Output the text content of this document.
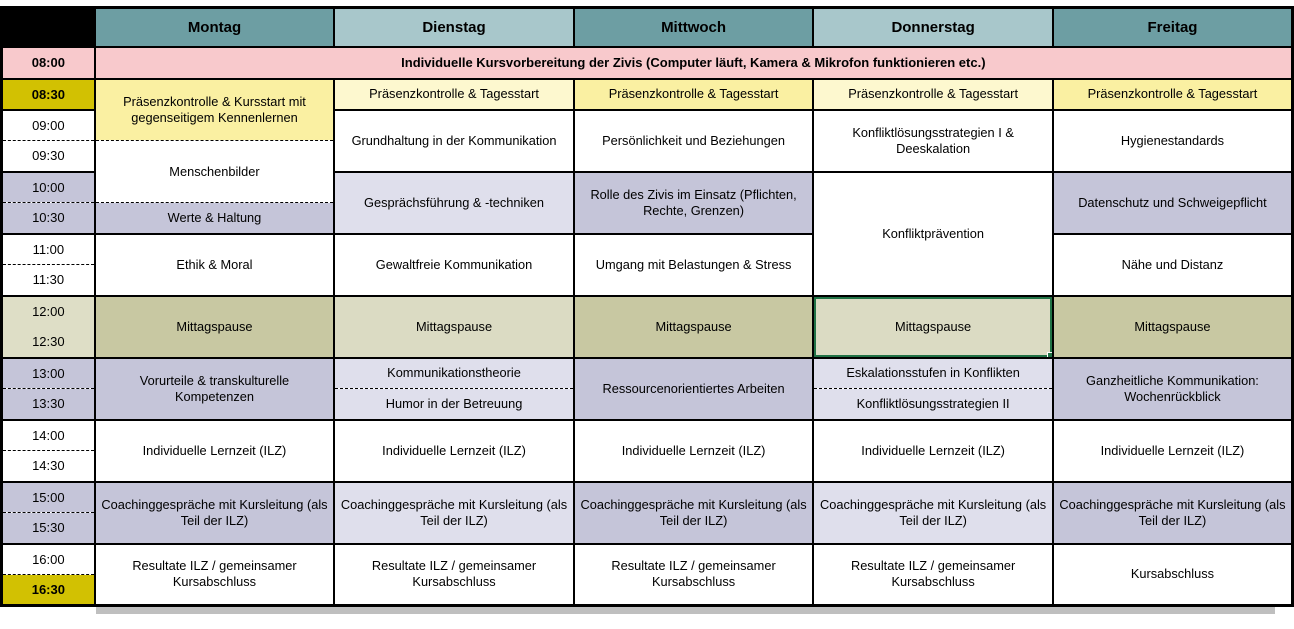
	Montag	Dienstag	Mittwoch	Donnerstag	Freitag
08:00	Individuelle Kursvorbereitung der Zivis (Computer läuft, Kamera & Mikrofon funktionieren etc.)				
08:30	Präsenzkontrolle & Kursstart mit gegenseitigem Kennenlernen	Präsenzkontrolle & Tagesstart	Präsenzkontrolle & Tagesstart	Präsenzkontrolle & Tagesstart	Präsenzkontrolle & Tagesstart
09:00		Grundhaltung in der Kommunikation	Persönlichkeit und Beziehungen	Konfliktlösungsstrategien I & Deeskalation	Hygienestandards
09:30	Menschenbilder				
10:00		Gesprächsführung & -techniken	Rolle des Zivis im Einsatz (Pflichten, Rechte, Grenzen)	Konfliktprävention	Datenschutz und Schweigepflicht
10:30	Werte & Haltung				
11:00	Ethik & Moral	Gewaltfreie Kommunikation	Umgang mit Belastungen & Stress		Nähe und Distanz
11:30					
12:00	Mittagspause	Mittagspause	Mittagspause	Mittagspause	Mittagspause
12:30					
13:00	Vorurteile & transkulturelle Kompetenzen	Kommunikationstheorie	Ressourcenorientiertes Arbeiten	Eskalationsstufen in Konflikten	Ganzheitliche Kommunikation: Wochenrückblick
13:30		Humor in der Betreuung		Konfliktlösungsstrategien II	
14:00	Individuelle Lernzeit (ILZ)	Individuelle Lernzeit (ILZ)	Individuelle Lernzeit (ILZ)	Individuelle Lernzeit (ILZ)	Individuelle Lernzeit (ILZ)
14:30					
15:00	Coachinggespräche mit Kursleitung (als Teil der ILZ)	Coachinggespräche mit Kursleitung (als Teil der ILZ)	Coachinggespräche mit Kursleitung (als Teil der ILZ)	Coachinggespräche mit Kursleitung (als Teil der ILZ)	Coachinggespräche mit Kursleitung (als Teil der ILZ)
15:30					
16:00	Resultate ILZ / gemeinsamer Kursabschluss	Resultate ILZ / gemeinsamer Kursabschluss	Resultate ILZ / gemeinsamer Kursabschluss	Resultate ILZ / gemeinsamer Kursabschluss	Kursabschluss
16:30					
